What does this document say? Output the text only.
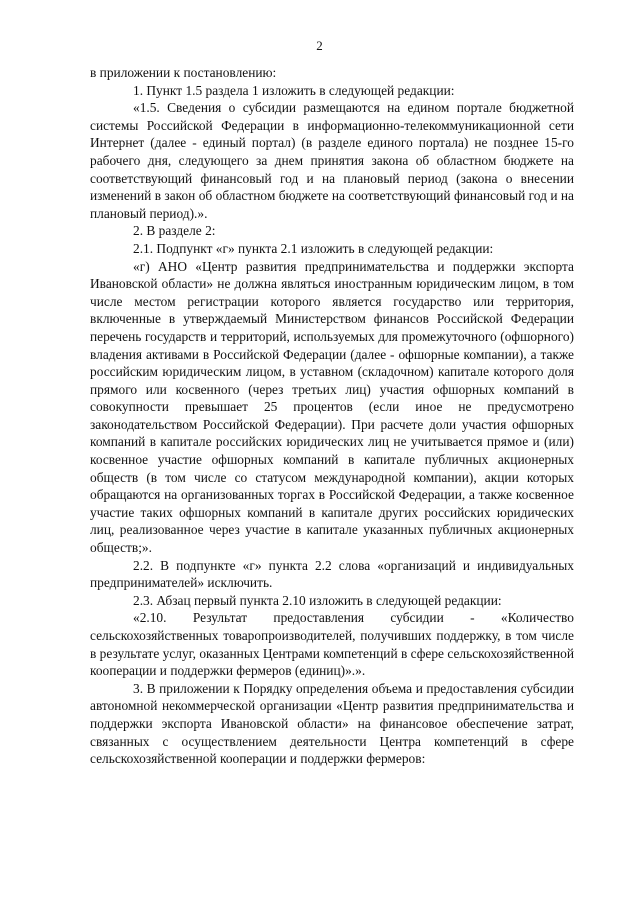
2

в приложении к постановлению:

1. Пункт 1.5 раздела 1 изложить в следующей редакции:

«1.5. Сведения о субсидии размещаются на едином портале бюджетной системы Российской Федерации в информационно-телекоммуникационной сети Интернет (далее - единый портал) (в разделе единого портала) не позднее 15-го рабочего дня, следующего за днем принятия закона об областном бюджете на соответствующий финансовый год и на плановый период (закона о внесении изменений в закон об областном бюджете на соответствующий финансовый год и на плановый период).».

2. В разделе 2:

2.1. Подпункт «г» пункта 2.1 изложить в следующей редакции:

«г) АНО «Центр развития предпринимательства и поддержки экспорта Ивановской области» не должна являться иностранным юридическим лицом, в том числе местом регистрации которого является государство или территория, включенные в утверждаемый Министерством финансов Российской Федерации перечень государств и территорий, используемых для промежуточного (офшорного) владения активами в Российской Федерации (далее - офшорные компании), а также российским юридическим лицом, в уставном (складочном) капитале которого доля прямого или косвенного (через третьих лиц) участия офшорных компаний в совокупности превышает 25 процентов (если иное не предусмотрено законодательством Российской Федерации). При расчете доли участия офшорных компаний в капитале российских юридических лиц не учитывается прямое и (или) косвенное участие офшорных компаний в капитале публичных акционерных обществ (в том числе со статусом международной компании), акции которых обращаются на организованных торгах в Российской Федерации, а также косвенное участие таких офшорных компаний в капитале других российских юридических лиц, реализованное через участие в капитале указанных публичных акционерных обществ;».

2.2. В подпункте «г» пункта 2.2 слова «организаций и индивидуальных предпринимателей» исключить.

2.3. Абзац первый пункта 2.10 изложить в следующей редакции:

«2.10. Результат предоставления субсидии - «Количество сельскохозяйственных товаропроизводителей, получивших поддержку, в том числе в результате услуг, оказанных Центрами компетенций в сфере сельскохозяйственной кооперации и поддержки фермеров (единиц)».».

3. В приложении к Порядку определения объема и предоставления субсидии автономной некоммерческой организации «Центр развития предпринимательства и поддержки экспорта Ивановской области» на финансовое обеспечение затрат, связанных с осуществлением деятельности Центра компетенций в сфере сельскохозяйственной кооперации и поддержки фермеров:
